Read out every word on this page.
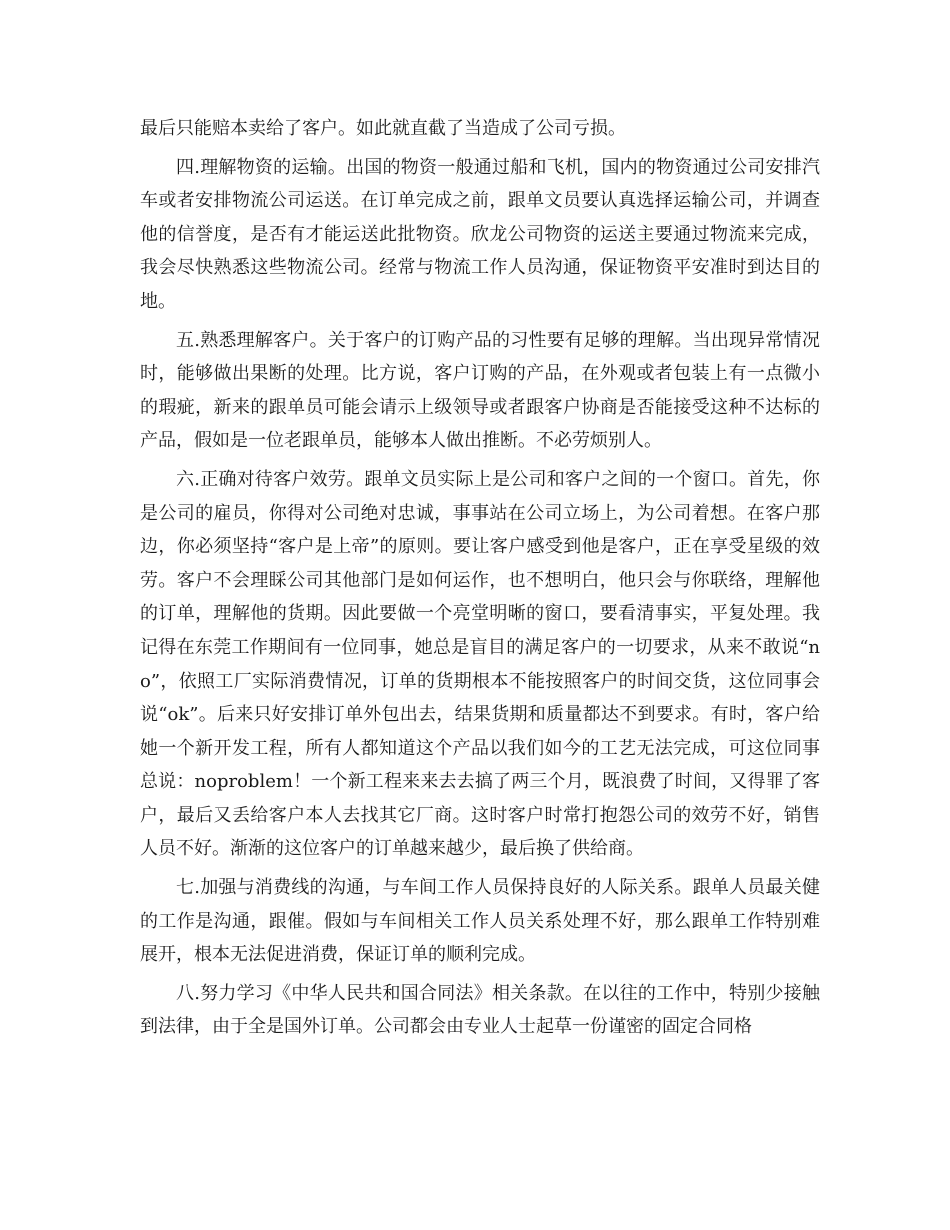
最后只能赔本卖给了客户。如此就直截了当造成了公司亏损。

四.理解物资的运输。出国的物资一般通过船和飞机，国内的物资通过公司安排汽车或者安排物流公司运送。在订单完成之前，跟单文员要认真选择运输公司，并调查他的信誉度，是否有才能运送此批物资。欣龙公司物资的运送主要通过物流来完成，我会尽快熟悉这些物流公司。经常与物流工作人员沟通，保证物资平安准时到达目的地。

五.熟悉理解客户。关于客户的订购产品的习性要有足够的理解。当出现异常情况时，能够做出果断的处理。比方说，客户订购的产品，在外观或者包装上有一点微小的瑕疵，新来的跟单员可能会请示上级领导或者跟客户协商是否能接受这种不达标的产品，假如是一位老跟单员，能够本人做出推断。不必劳烦别人。

六.正确对待客户效劳。跟单文员实际上是公司和客户之间的一个窗口。首先，你是公司的雇员，你得对公司绝对忠诚，事事站在公司立场上，为公司着想。在客户那边，你必须坚持“客户是上帝”的原则。要让客户感受到他是客户，正在享受星级的效劳。客户不会理睬公司其他部门是如何运作，也不想明白，他只会与你联络，理解他的订单，理解他的货期。因此要做一个亮堂明晰的窗口，要看清事实，平复处理。我记得在东莞工作期间有一位同事，她总是盲目的满足客户的一切要求，从来不敢说“no”，依照工厂实际消费情况，订单的货期根本不能按照客户的时间交货，这位同事会说“ok”。后来只好安排订单外包出去，结果货期和质量都达不到要求。有时，客户给她一个新开发工程，所有人都知道这个产品以我们如今的工艺无法完成，可这位同事总说：noproblem！一个新工程来来去去搞了两三个月，既浪费了时间，又得罪了客户，最后又丢给客户本人去找其它厂商。这时客户时常打抱怨公司的效劳不好，销售人员不好。渐渐的这位客户的订单越来越少，最后换了供给商。

七.加强与消费线的沟通，与车间工作人员保持良好的人际关系。跟单人员最关健的工作是沟通，跟催。假如与车间相关工作人员关系处理不好，那么跟单工作特别难展开，根本无法促进消费，保证订单的顺利完成。

八.努力学习《中华人民共和国合同法》相关条款。在以往的工作中，特别少接触到法律，由于全是国外订单。公司都会由专业人士起草一份谨密的固定合同格
